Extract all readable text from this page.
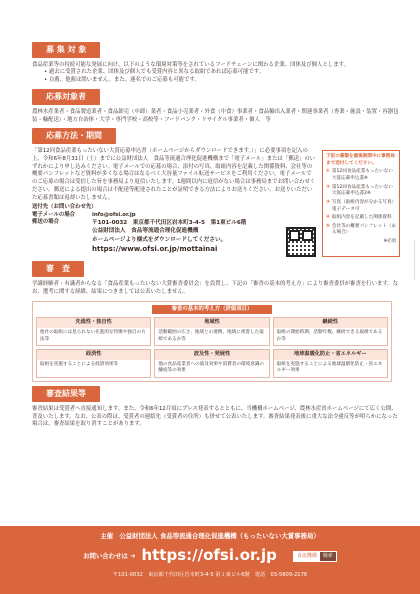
募 集 対 象
食品産業等の持続可能な発展に向け、以下のような環境対策等をされているフードチェーンに関わる企業、団体及び個人とします。
• 過去に受賞された企業、団体及び個人でも受賞内容と異なる取組であれば応募可能です。
• 自薦、他薦は問いません。また、連名でのご応募も可能です。
応募対象者
農林水産業者・食品製造業者・食品卸売（中卸）業者・食品小売業者・外食（中食）事業者・食品輸出入業者・関連事業者（専業・施設・装置・容器包装・輸配送）・地方自治体・大学・専門学校・高校等・フードバンク・リサイクル事業者・個人　等
応募方法・期間
「第12回食品産業もったいない大賞応募申込書（ホームページからダウンロードできます。）」に必要事項を記入の上、令和6年8月31日（土）までに公益財団法人　食品等流通合理化促進機構まで「電子メール」または「郵送」のいずれかにより申し込みください。電子メールでの応募の場合、添付の写真、取組内容を記載した関係資料、会社等の概要パンフレットなど資料が多くなる場合はなるべく大容量ファイル転送サービスをご利用ください。電子メールでのご応募の場合は受信した旨を事務局より返信いたします。1週間以内に返信がない場合は事務局までお問い合わせください。郵送による提出の場合は不配達等配達されたことが証明できる方法によりお送りください。お送りいただいた応募書類は返却いたしません。
送付先（お問い合わせ先）
電子メールの場合	info@ofsi.or.jp
郵送の場合	〒101-0032　東京都千代田区岩本町3-4-5　第1東ビル6階
公益財団法人　食品等流通合理化促進機構
ホームページより様式をダウンロードしてください。
https://www.ofsi.or.jp/mottainai
下記の書類を最後期間中に事務局まで送付してください。
① 第12回食品産業もったいない大賞応募申込書※
② 第12回食品産業もったいない大賞応募申込書2※
③ 写真（取組内容が分かる写真）電子データ可
④ 取組内容を記載した関係資料
⑤ 会社等の概要パンフレット（ある場合）
※必須
審　査
学識経験者・有識者からなる「食品産業もったいない大賞審査委員会」を設置し、下記の「審査の基本的考え方」により審査委員が審査を行います。なお、選考に関する経緯、結果につきましては公表いたしません。
審査の基本的考え方（評価項目）
先進性・独自性
他社の取組には見られない先進的な特徴や独自の方法等
地域性
活動範囲の広さ、地域との連携、地域に密着した取組であるか等
継続性
取組の開始時期、活動年数、継続できる取組であるか等
経済性
取組を実施することによる経済効果等
波及性・発展性
他の食品産業者への波及効果や消費者の環境意識の醸成等の効果
地球温暖化防止・省エネルギー
取組を実施することによる地球温暖化防止・省エネルギー効果
審査結果等
審査結果は受賞者へ直接通知します。また、令和6年12月頃にプレス発表するとともに、当機構ホームページ、農林水産省ホームページにて広く公開、普及いたします。なお、公表の際は、受賞者の連絡先（受賞者の住所）も併せて公表いたします。審査結果発表後に重大な法令違反等が明らかになった場合は、審査結果を取り消すことがあります。
主催　公益財団法人 食品等流通合理化促進機構（もったいない大賞事務局）
お問い合わせは ➜ https://ofsi.or.jp	食流機構	検索
〒101-0032　東京都千代田区岩本町3-4-5 第１東ビル6階　電話　03-5809-2176
